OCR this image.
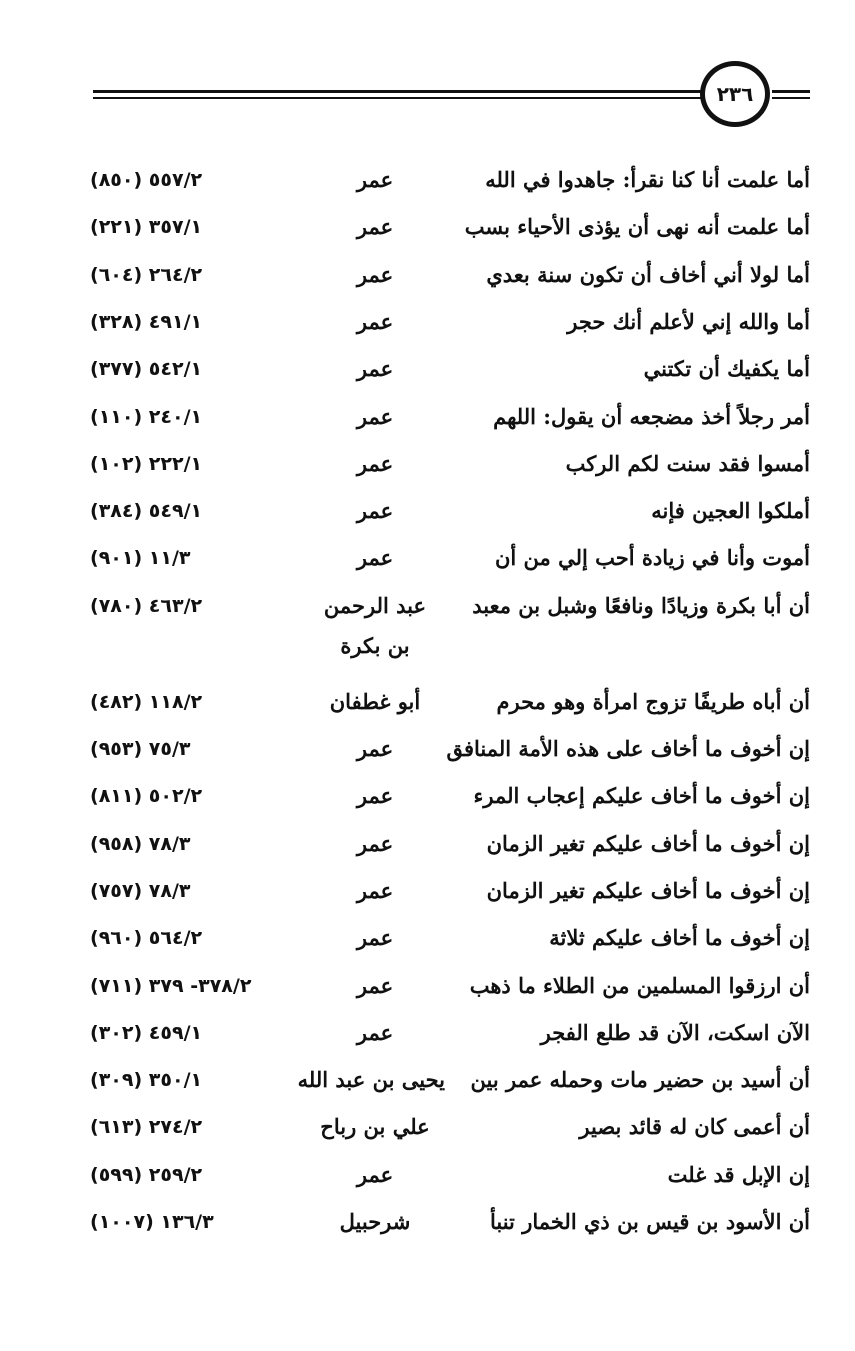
٢٣٦
أما علمت أنا كنا نقرأ: جاهدوا في الله
عمر
٥٥٧/٢ (٨٥٠)
أما علمت أنه نهى أن يؤذى الأحياء بسب
عمر
٣٥٧/١ (٢٢١)
أما لولا أني أخاف أن تكون سنة بعدي
عمر
٢٦٤/٢ (٦٠٤)
أما والله إني لأعلم أنك حجر
عمر
٤٩١/١ (٣٢٨)
أما يكفيك أن تكتني
عمر
٥٤٢/١ (٣٧٧)
أمر رجلاً أخذ مضجعه أن يقول: اللهم
عمر
٢٤٠/١ (١١٠)
أمسوا فقد سنت لكم الركب
عمر
٢٢٢/١ (١٠٢)
أملكوا العجين فإنه
عمر
٥٤٩/١ (٣٨٤)
أموت وأنا في زيادة أحب إلي من أن
عمر
١١/٣ (٩٠١)
أن أبا بكرة وزيادًا ونافعًا وشبل بن معبد
عبد الرحمن
بن بكرة
٤٦٣/٢ (٧٨٠)
أن أباه طريفًا تزوج امرأة وهو محرم
أبو غطفان
١١٨/٢ (٤٨٢)
إن أخوف ما أخاف على هذه الأمة المنافق
عمر
٧٥/٣ (٩٥٣)
إن أخوف ما أخاف عليكم إعجاب المرء
عمر
٥٠٢/٢ (٨١١)
إن أخوف ما أخاف عليكم تغير الزمان
عمر
٧٨/٣ (٩٥٨)
إن أخوف ما أخاف عليكم تغير الزمان
عمر
٧٨/٣ (٧٥٧)
إن أخوف ما أخاف عليكم ثلاثة
عمر
٥٦٤/٢ (٩٦٠)
أن ارزقوا المسلمين من الطلاء ما ذهب
عمر
٣٧٨/٢- ٣٧٩ (٧١١)
الآن اسكت، الآن قد طلع الفجر
عمر
٤٥٩/١ (٣٠٢)
أن أسيد بن حضير مات وحمله عمر بين
يحيى بن عبد الله
٣٥٠/١ (٣٠٩)
أن أعمى كان له قائد بصير
علي بن رباح
٢٧٤/٢ (٦١٣)
إن الإبل قد غلت
عمر
٢٥٩/٢ (٥٩٩)
أن الأسود بن قيس بن ذي الخمار تنبأ
شرحبيل
١٣٦/٣ (١٠٠٧)
